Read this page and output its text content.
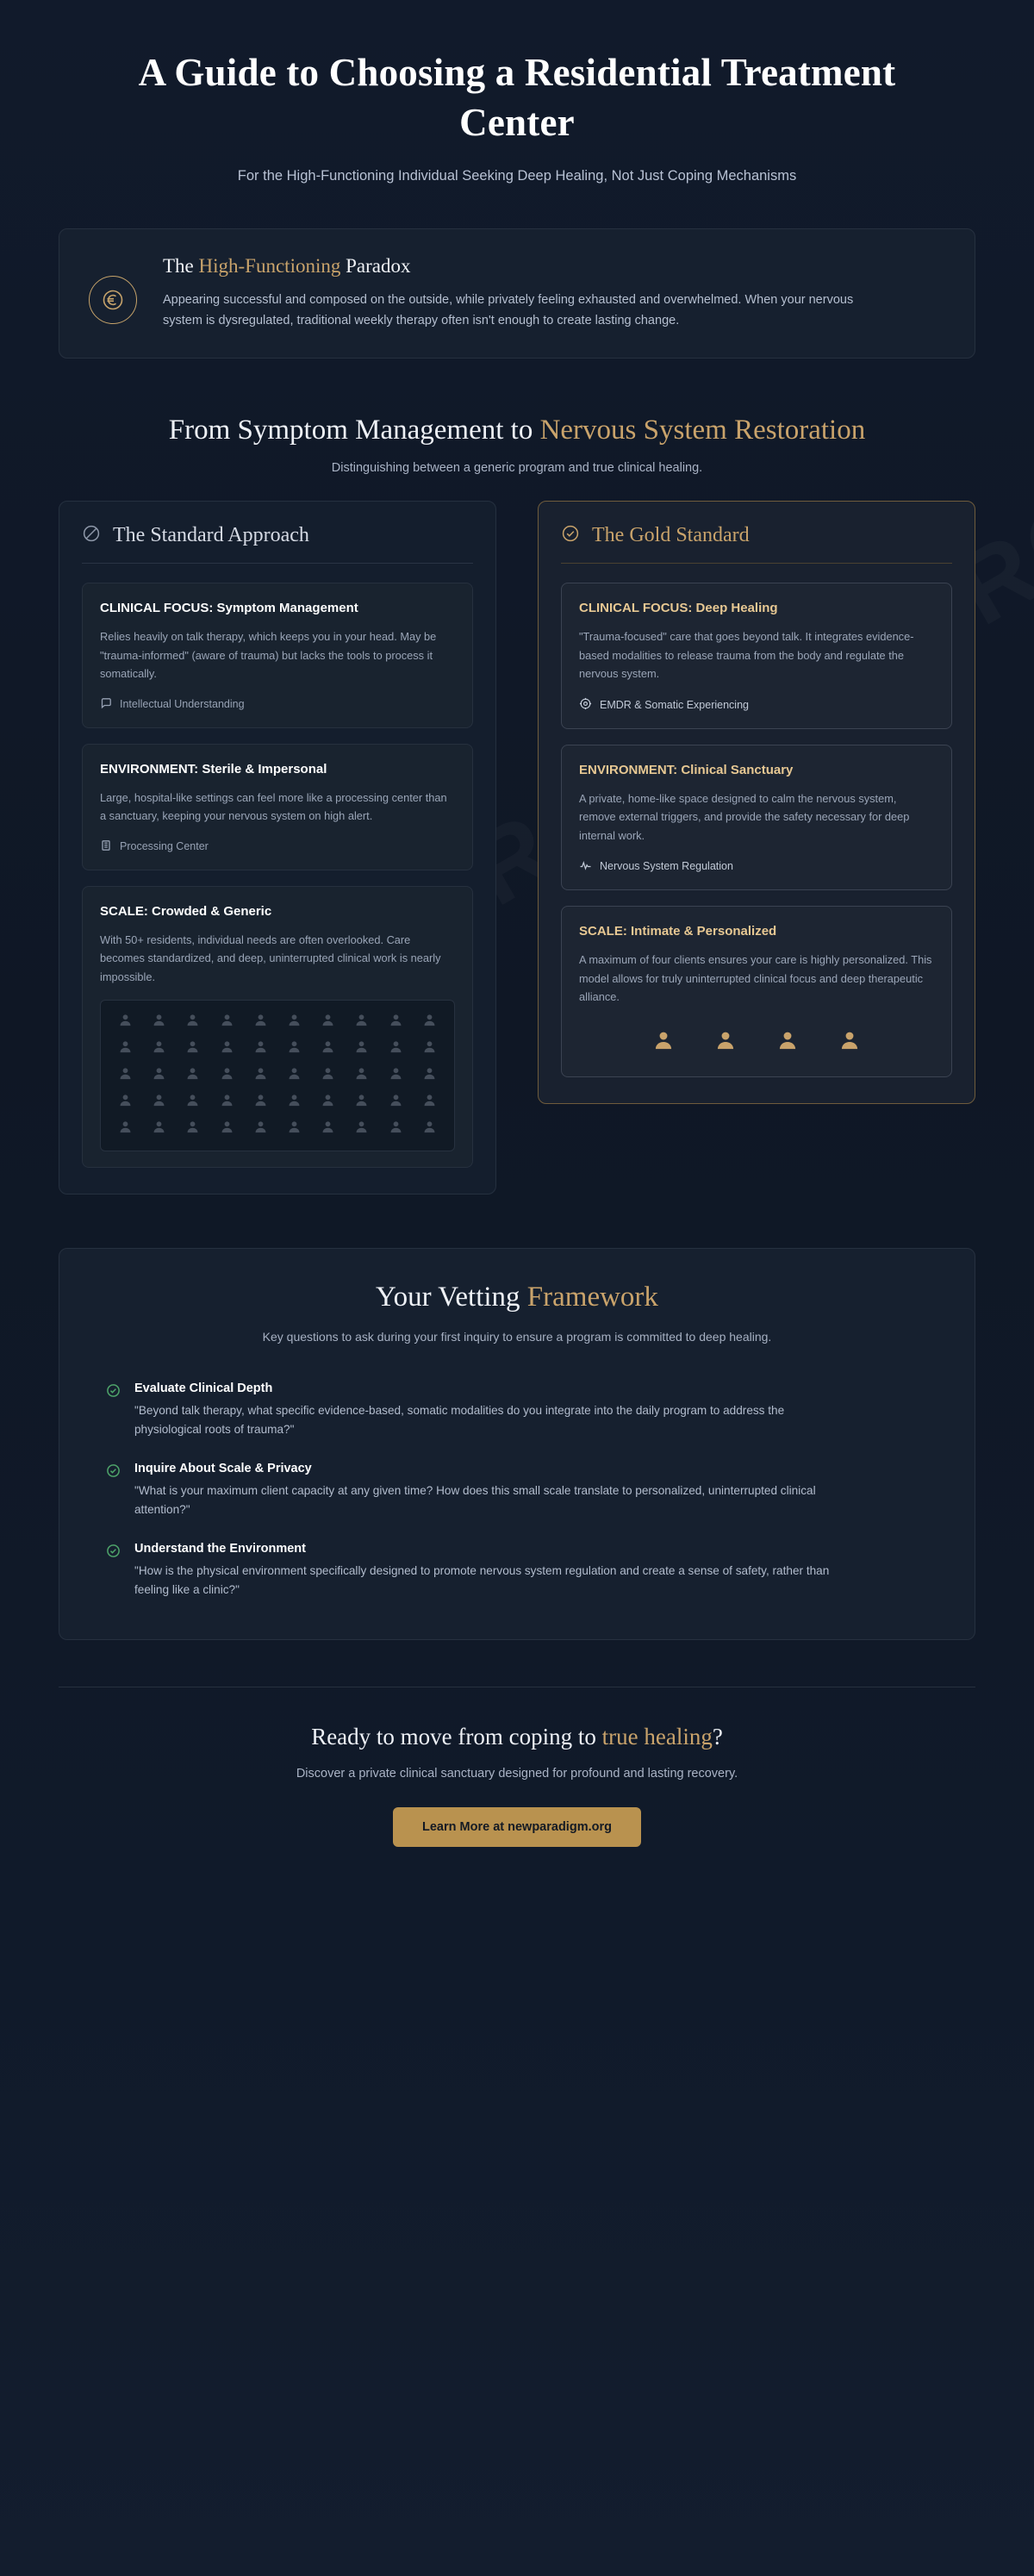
A Guide to Choosing a Residential Treatment Center
For the High-Functioning Individual Seeking Deep Healing, Not Just Coping Mechanisms
The High-Functioning Paradox
Appearing successful and composed on the outside, while privately feeling exhausted and overwhelmed. When your nervous system is dysregulated, traditional weekly therapy often isn't enough to create lasting change.
From Symptom Management to Nervous System Restoration
Distinguishing between a generic program and true clinical healing.
The Standard Approach
CLINICAL FOCUS: Symptom Management

Relies heavily on talk therapy, which keeps you in your head. May be "trauma-informed" (aware of trauma) but lacks the tools to process it somatically.

Intellectual Understanding
ENVIRONMENT: Sterile & Impersonal

Large, hospital-like settings can feel more like a processing center than a sanctuary, keeping your nervous system on high alert.

Processing Center
SCALE: Crowded & Generic

With 50+ residents, individual needs are often overlooked. Care becomes standardized, and deep, uninterrupted clinical work is nearly impossible.

The Gold Standard
CLINICAL FOCUS: Deep Healing

"Trauma-focused" care that goes beyond talk. It integrates evidence-based modalities to release trauma from the body and regulate the nervous system.

EMDR & Somatic Experiencing
ENVIRONMENT: Clinical Sanctuary

A private, home-like space designed to calm the nervous system, remove external triggers, and provide the safety necessary for deep internal work.

Nervous System Regulation
SCALE: Intimate & Personalized

A maximum of four clients ensures your care is highly personalized. This model allows for truly uninterrupted clinical focus and deep therapeutic alliance.

Your Vetting Framework
Key questions to ask during your first inquiry to ensure a program is committed to deep healing.
Evaluate Clinical Depth

"Beyond talk therapy, what specific evidence-based, somatic modalities do you integrate into the daily program to address the physiological roots of trauma?"

Inquire About Scale & Privacy

"What is your maximum client capacity at any given time? How does this small scale translate to personalized, uninterrupted clinical attention?"

Understand the Environment

"How is the physical environment specifically designed to promote nervous system regulation and create a sense of safety, rather than feeling like a clinic?"

Ready to move from coping to true healing?

Discover a private clinical sanctuary designed for profound and lasting recovery.

Learn More at newparadigm.org
